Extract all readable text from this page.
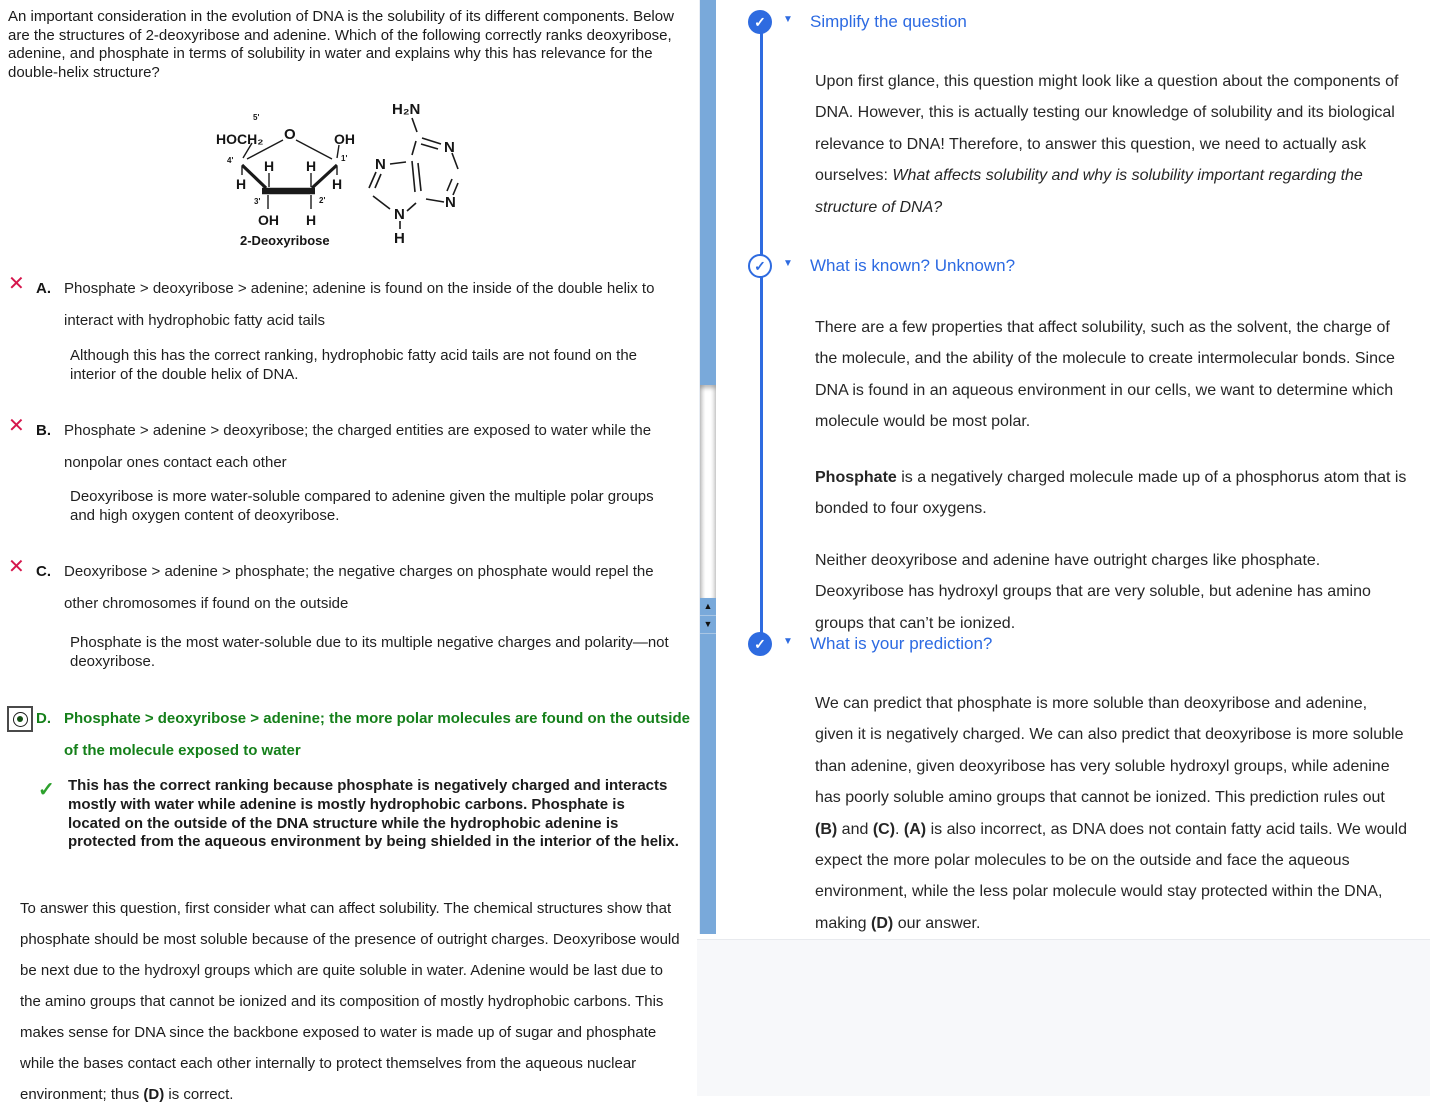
An important consideration in the evolution of DNA is the solubility of its different components. Below are the structures of 2-deoxyribose and adenine. Which of the following correctly ranks deoxyribose, adenine, and phosphate in terms of solubility in water and explains why this has relevance for the double-helix structure?
5'
HOCH₂ O	OH
4'	1'
H	H
H H
3'	2'
OH H
2-Deoxyribose
H₂N
N
N
N
N
H
✕ A. Phosphate > deoxyribose > adenine; adenine is found on the inside of the double helix to interact with hydrophobic fatty acid tails
Although this has the correct ranking, hydrophobic fatty acid tails are not found on the interior of the double helix of DNA.
✕ B. Phosphate > adenine > deoxyribose; the charged entities are exposed to water while the nonpolar ones contact each other
Deoxyribose is more water-soluble compared to adenine given the multiple polar groups and high oxygen content of deoxyribose.
✕ C. Deoxyribose > adenine > phosphate; the negative charges on phosphate would repel the other chromosomes if found on the outside
Phosphate is the most water-soluble due to its multiple negative charges and polarity—not deoxyribose.
D. Phosphate > deoxyribose > adenine; the more polar molecules are found on the outside of the molecule exposed to water
✓ This has the correct ranking because phosphate is negatively charged and interacts mostly with water while adenine is mostly hydrophobic carbons. Phosphate is located on the outside of the DNA structure while the hydrophobic adenine is protected from the aqueous environment by being shielded in the interior of the helix.

To answer this question, first consider what can affect solubility. The chemical structures show that phosphate should be most soluble because of the presence of outright charges. Deoxyribose would be next due to the hydroxyl groups which are quite soluble in water. Adenine would be last due to the amino groups that cannot be ionized and its composition of mostly hydrophobic carbons. This makes sense for DNA since the backbone exposed to water is made up of sugar and phosphate while the bases contact each other internally to protect themselves from the aqueous nuclear environment; thus (D) is correct.

▲
▼
✓	▼ Simplify the question

Upon first glance, this question might look like a question about the components of DNA. However, this is actually testing our knowledge of solubility and its biological relevance to DNA! Therefore, to answer this question, we need to actually ask ourselves: What affects solubility and why is solubility important regarding the structure of DNA?

✓	▼ What is known? Unknown?

There are a few properties that affect solubility, such as the solvent, the charge of the molecule, and the ability of the molecule to create intermolecular bonds. Since DNA is found in an aqueous environment in our cells, we want to determine which molecule would be most polar.

Phosphate is a negatively charged molecule made up of a phosphorus atom that is bonded to four oxygens.

Neither deoxyribose and adenine have outright charges like phosphate. Deoxyribose has hydroxyl groups that are very soluble, but adenine has amino groups that can’t be ionized.

✓	▼ What is your prediction?

We can predict that phosphate is more soluble than deoxyribose and adenine, given it is negatively charged. We can also predict that deoxyribose is more soluble than adenine, given deoxyribose has very soluble hydroxyl groups, while adenine has poorly soluble amino groups that cannot be ionized. This prediction rules out (B) and (C). (A) is also incorrect, as DNA does not contain fatty acid tails. We would expect the more polar molecules to be on the outside and face the aqueous environment, while the less polar molecule would stay protected within the DNA, making (D) our answer.
